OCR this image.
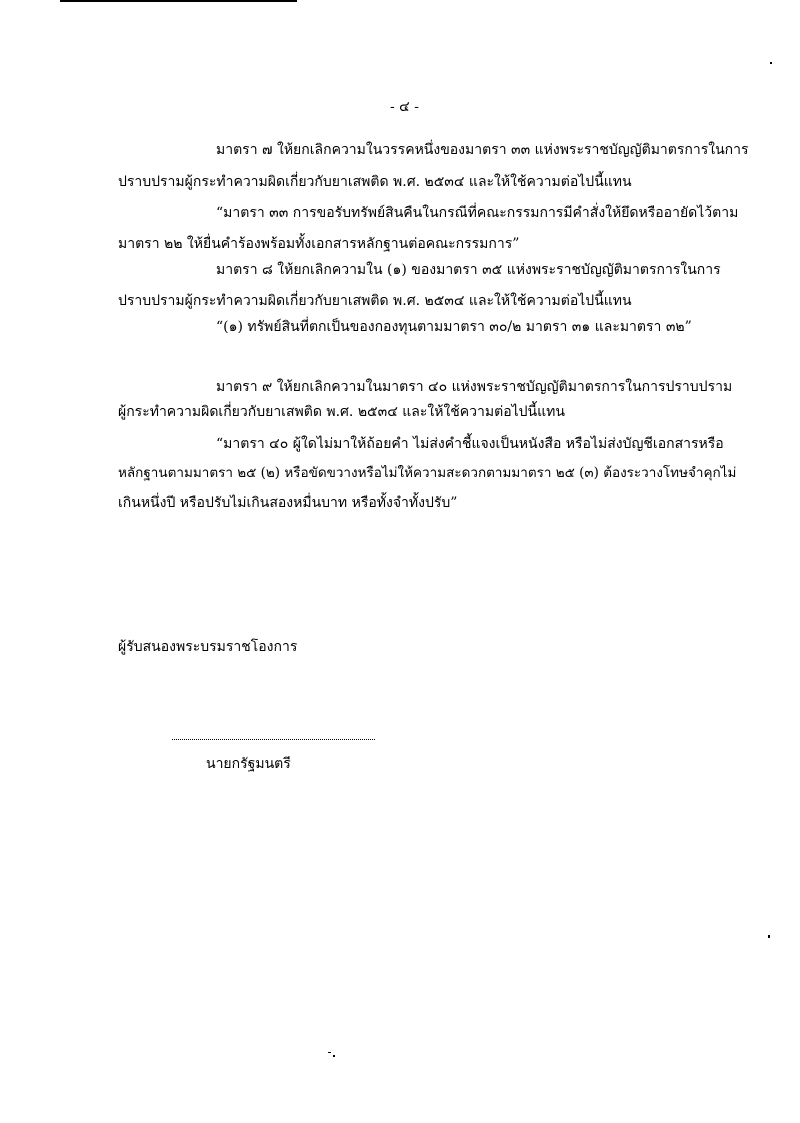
- ๔ -
มาตรา ๗ ให้ยกเลิกความในวรรคหนึ่งของมาตรา ๓๓ แห่งพระราชบัญญัติมาตรการในการ
ปราบปรามผู้กระทำความผิดเกี่ยวกับยาเสพติด พ.ศ. ๒๕๓๔ และให้ใช้ความต่อไปนี้แทน
“มาตรา ๓๓ การขอรับทรัพย์สินคืนในกรณีที่คณะกรรมการมีคำสั่งให้ยึดหรืออายัดไว้ตาม
มาตรา ๒๒ ให้ยื่นคำร้องพร้อมทั้งเอกสารหลักฐานต่อคณะกรรมการ”
มาตรา ๘ ให้ยกเลิกความใน (๑) ของมาตรา ๓๕ แห่งพระราชบัญญัติมาตรการในการ
ปราบปรามผู้กระทำความผิดเกี่ยวกับยาเสพติด พ.ศ. ๒๕๓๔ และให้ใช้ความต่อไปนี้แทน
“(๑) ทรัพย์สินที่ตกเป็นของกองทุนตามมาตรา ๓๐/๒ มาตรา ๓๑ และมาตรา ๓๒”
มาตรา ๙ ให้ยกเลิกความในมาตรา ๔๐ แห่งพระราชบัญญัติมาตรการในการปราบปราม
ผู้กระทำความผิดเกี่ยวกับยาเสพติด พ.ศ. ๒๕๓๔ และให้ใช้ความต่อไปนี้แทน
“มาตรา ๔๐ ผู้ใดไม่มาให้ถ้อยคำ ไม่ส่งคำชี้แจงเป็นหนังสือ หรือไม่ส่งบัญชีเอกสารหรือ
หลักฐานตามมาตรา ๒๕ (๒) หรือขัดขวางหรือไม่ให้ความสะดวกตามมาตรา ๒๕ (๓) ต้องระวางโทษจำคุกไม่
เกินหนึ่งปี หรือปรับไม่เกินสองหมื่นบาท หรือทั้งจำทั้งปรับ”
ผู้รับสนองพระบรมราชโองการ
นายกรัฐมนตรี
